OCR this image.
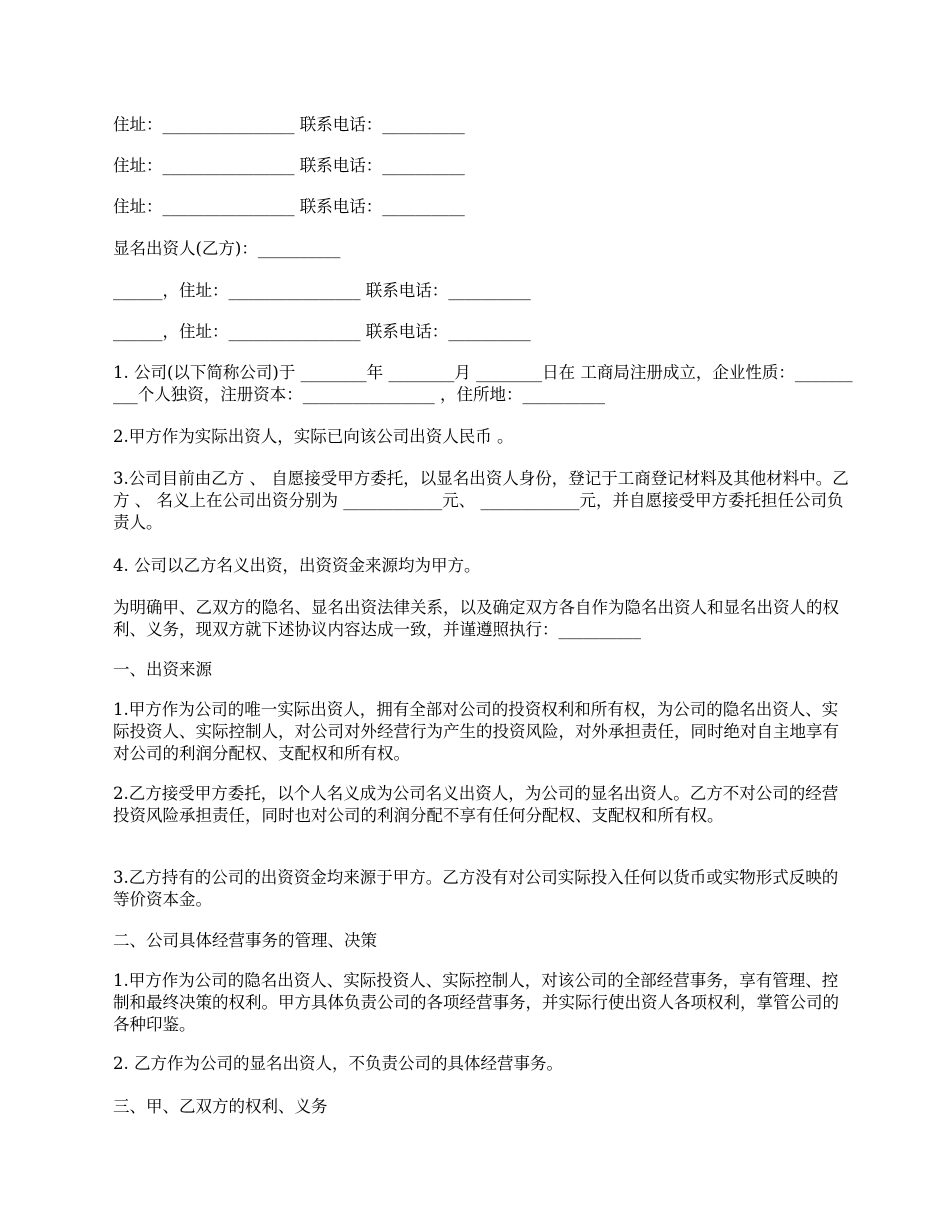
住址：________________ 联系电话：__________
住址：________________ 联系电话：__________
住址：________________ 联系电话：__________
显名出资人(乙方)：__________
______，住址：________________ 联系电话：__________
______，住址：________________ 联系电话：__________
1. 公司(以下简称公司)于 ________年 ________月 ________日在 工商局注册成立，企业性质：__________个人独资，注册资本：________________ ，住所地：__________
2.甲方作为实际出资人，实际已向该公司出资人民币 。
3.公司目前由乙方 、 自愿接受甲方委托，以显名出资人身份，登记于工商登记材料及其他材料中。乙方 、 名义上在公司出资分别为 ____________元、 ____________元，并自愿接受甲方委托担任公司负责人。
4. 公司以乙方名义出资，出资资金来源均为甲方。
为明确甲、乙双方的隐名、显名出资法律关系，以及确定双方各自作为隐名出资人和显名出资人的权利、义务，现双方就下述协议内容达成一致，并谨遵照执行：__________
一、出资来源
1.甲方作为公司的唯一实际出资人，拥有全部对公司的投资权利和所有权，为公司的隐名出资人、实际投资人、实际控制人，对公司对外经营行为产生的投资风险，对外承担责任，同时绝对自主地享有对公司的利润分配权、支配权和所有权。
2.乙方接受甲方委托，以个人名义成为公司名义出资人，为公司的显名出资人。乙方不对公司的经营投资风险承担责任，同时也对公司的利润分配不享有任何分配权、支配权和所有权。
3.乙方持有的公司的出资资金均来源于甲方。乙方没有对公司实际投入任何以货币或实物形式反映的等价资本金。
二、公司具体经营事务的管理、决策
1.甲方作为公司的隐名出资人、实际投资人、实际控制人，对该公司的全部经营事务，享有管理、控制和最终决策的权利。甲方具体负责公司的各项经营事务，并实际行使出资人各项权利，掌管公司的各种印鉴。
2. 乙方作为公司的显名出资人，不负责公司的具体经营事务。
三、甲、乙双方的权利、义务
